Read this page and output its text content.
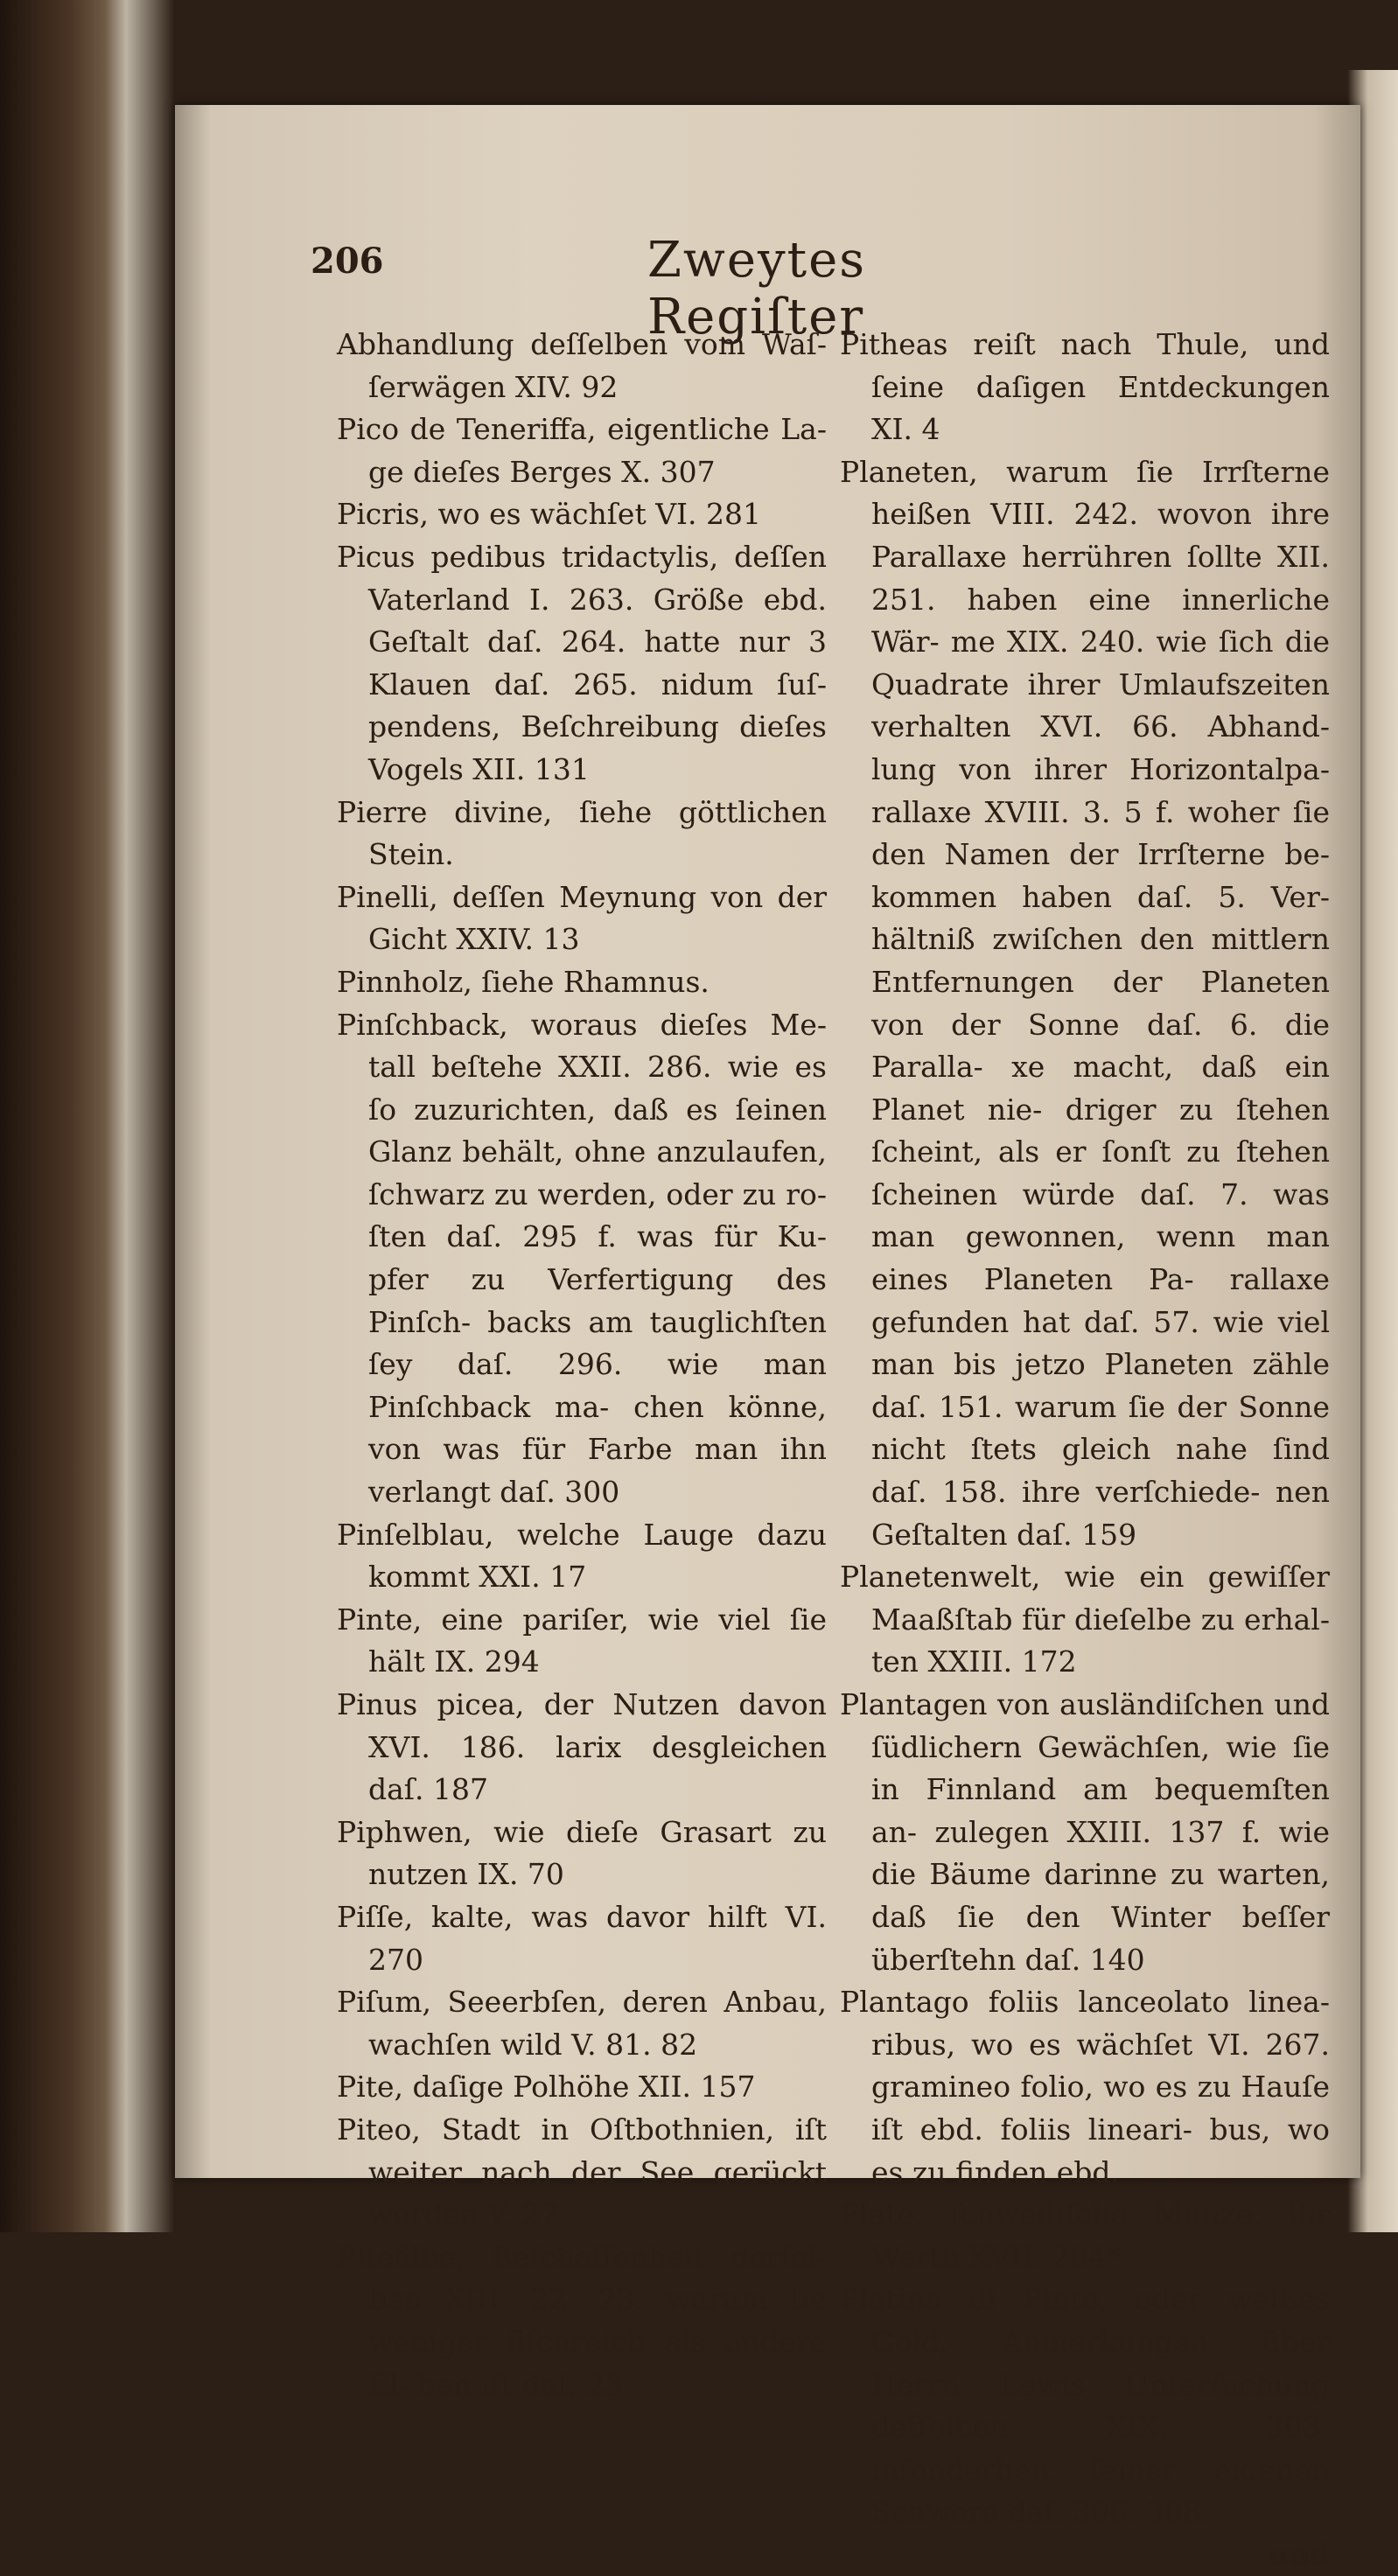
206	Zweytes Regiſter

Abhandlung deſſelben vom Waſ- ſerwägen XIV. 92

Pico de Teneriffa, eigentliche La- ge dieſes Berges X. 307

Picris, wo es wächſet VI. 281

Picus pedibus tridactylis, deſſen Vaterland I. 263. Größe ebd. Geſtalt daſ. 264. hatte nur 3 Klauen daſ. 265. nidum ſuſ- pendens, Beſchreibung dieſes Vogels XII. 131

Pierre divine, ſiehe göttlichen Stein.

Pinelli, deſſen Meynung von der Gicht XXIV. 13

Pinnholz, ſiehe Rhamnus.

Pinſchback, woraus dieſes Me- tall beſtehe XXII. 286. wie es ſo zuzurichten, daß es ſeinen Glanz behält, ohne anzulaufen, ſchwarz zu werden, oder zu ro- ſten daſ. 295 f. was für Ku- pfer zu Verfertigung des Pinſch- backs am tauglichſten ſey daſ. 296. wie man Pinſchback ma- chen könne, von was für Farbe man ihn verlangt daſ. 300

Pinſelblau, welche Lauge dazu kommt XXI. 17

Pinte, eine pariſer, wie viel ſie hält IX. 294

Pinus picea, der Nutzen davon XVI. 186. larix desgleichen daſ. 187

Piphwen, wie dieſe Grasart zu nutzen IX. 70

Piſſe, kalte, was davor hilft VI. 270

Piſum, Seeerbſen, deren Anbau, wachſen wild V. 81. 82

Pite, daſige Polhöhe XII. 157

Piteo, Stadt in Oſtbothnien, iſt weiter nach der See gerückt worden V. 27

Piteälbe, Beſchaffenheit derſel- ben XIII. 22. 23. warum ſie weniger fiſchreich als andere El- ben iſt daſ. 23

Pitheas reiſt nach Thule, und ſeine daſigen Entdeckungen XI. 4

Planeten, warum ſie Irrſterne heißen VIII. 242. wovon ihre Parallaxe herrühren ſollte XII. 251. haben eine innerliche Wär- me XIX. 240. wie ſich die Quadrate ihrer Umlaufszeiten verhalten XVI. 66. Abhand- lung von ihrer Horizontalpa- rallaxe XVIII. 3. 5 f. woher ſie den Namen der Irrſterne be- kommen haben daſ. 5. Ver- hältniß zwiſchen den mittlern Entfernungen der Planeten von der Sonne daſ. 6. die Paralla- xe macht, daß ein Planet nie- driger zu ſtehen ſcheint, als er ſonſt zu ſtehen ſcheinen würde daſ. 7. was man gewonnen, wenn man eines Planeten Pa- rallaxe gefunden hat daſ. 57. wie viel man bis jetzo Planeten zähle daſ. 151. warum ſie der Sonne nicht ſtets gleich nahe ſind daſ. 158. ihre verſchiede- nen Geſtalten daſ. 159

Planetenwelt, wie ein gewiſſer Maaßſtab für dieſelbe zu erhal- ten XXIII. 172

Plantagen von ausländiſchen und ſüdlichern Gewächſen, wie ſie in Finnland am bequemſten an- zulegen XXIII. 137 f. wie die Bäume darinne zu warten, daß ſie den Winter beſſer überſtehn daſ. 140

Plantago foliis lanceolato linea- ribus, wo es wächſet VI. 267. gramineo folio, wo es zu Hauſe iſt ebd. foliis lineari- bus, wo es zu finden ebd.

Plate, ſchwediſche Münze, ihr Werth XVII. 204*

Platina di Pinto, oder weißes Gold, Anmerkungen über Herrn Lewis Unterſuchung deſſelben XIX. 303. inſonderheit ſeiner eigenen Schwere daſ. 306. 308.

und
